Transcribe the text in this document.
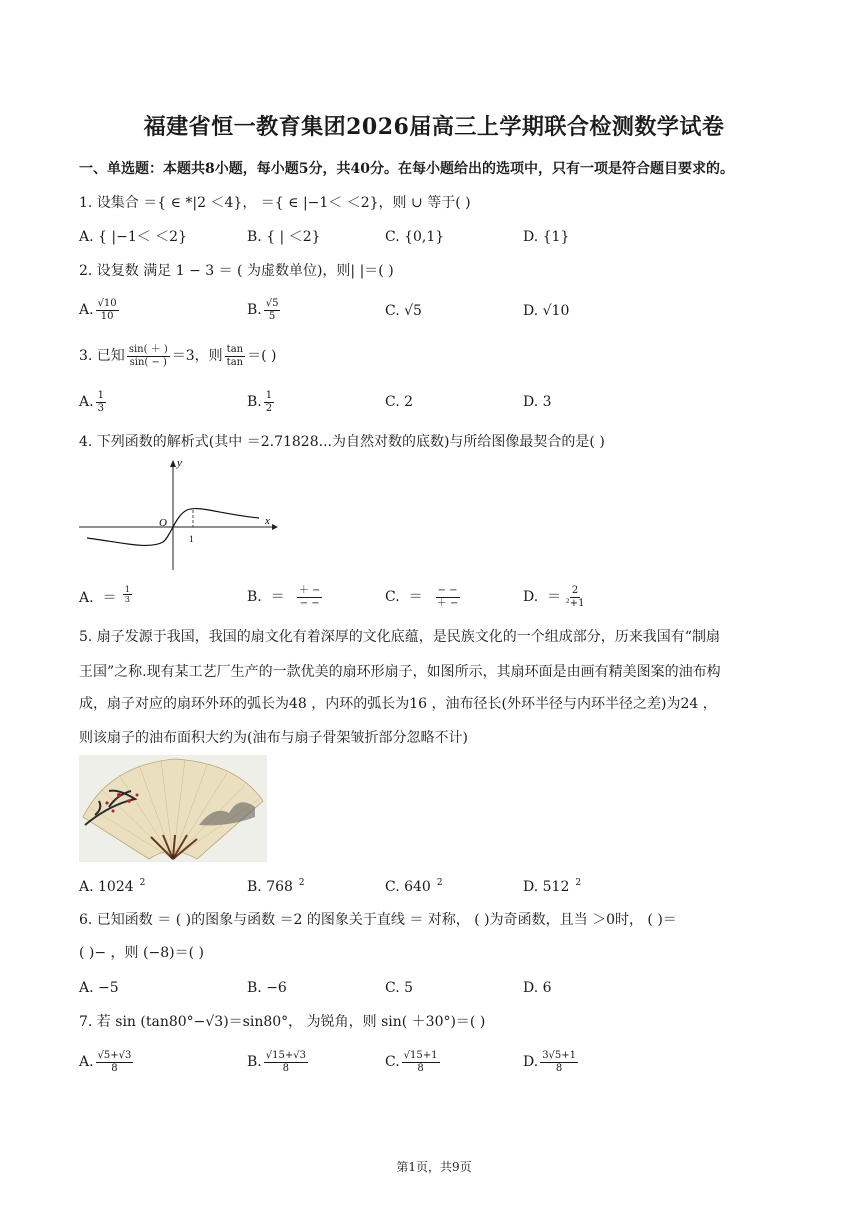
福建省恒一教育集团2026届高三上学期联合检测数学试卷
一、单选题：本题共8小题，每小题5分，共40分。在每小题给出的选项中，只有一项是符合题目要求的。
1. 设集合 ＝{ ∈ *|2 ＜4}， ＝{ ∈ |−1＜ ＜2}，则 ∪ 等于( )
A. { |−1＜ ＜2}	B. { | ＜2}	C. {0,1}	D. {1}
2. 设复数 满足 1 − 3 ＝ ( 为虚数单位)，则| |＝( )
A. $\frac{√10}{10}$	B. $\frac{√5}{5}$	C. √5	D. √10
3. 已知 $\frac{\sin( + )}{\sin( - )} =3$，则 $\frac{\tan}{\tan}$ ＝( )
A. $\frac{1}{3}$	B. $\frac{1}{2}$	C. 2	D. 3
4. 下列函数的解析式(其中 ＝2.71828...为自然对数的底数)与所给图像最契合的是( )
y
x
O
1
A. ＝ $\frac{1}{3}$	B. ＝ $\frac{+ -}{- -}$	C. ＝ $\frac{- -}{+ -}$	D. ＝ $\frac{2}{\text{²+1}}$
5. 扇子发源于我国，我国的扇文化有着深厚的文化底蕴，是民族文化的一个组成部分，历来我国有“制扇
王国”之称.现有某工艺厂生产的一款优美的扇环形扇子，如图所示，其扇环面是由画有精美图案的油布构
成，扇子对应的扇环外环的弧长为48 ，内环的弧长为16 ，油布径长(外环半径与内环半径之差)为24 ，
则该扇子的油布面积大约为(油布与扇子骨架皱折部分忽略不计)
A. 1024 $^2$	B. 768 $^2$	C. 640 $^2$	D. 512 $^2$
6. 已知函数 ＝ ( )的图象与函数 ＝2 的图象关于直线 ＝ 对称， ( )为奇函数，且当 ＞0时， ( )＝
( )− ，则 (−8)＝( )
A. −5	B. −6	C. 5	D. 6
7. 若 sin (tan80°−√3)＝sin80°， 为锐角，则 sin( ＋30°)＝( )
A. $\frac{√5+√3}{8}$	B. $\frac{√15+√3}{8}$	C. $\frac{√15+1}{8}$	D. $\frac{3√5+1}{8}$
第1页，共9页
